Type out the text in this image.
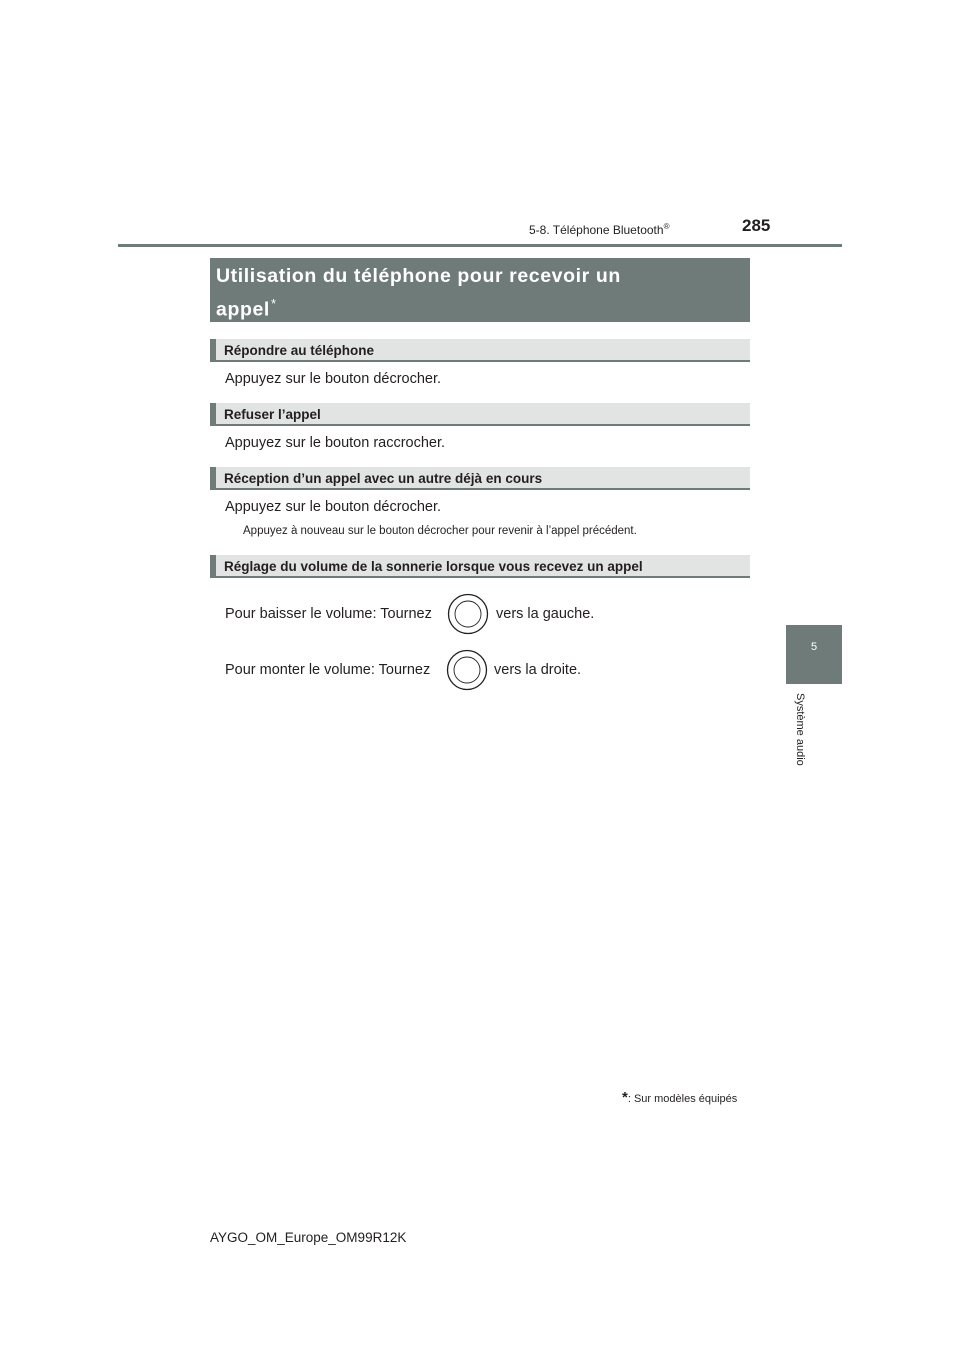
5-8. Téléphone Bluetooth®	285
5
Système audio
Utilisation du téléphone pour recevoir un
appel*
Répondre au téléphone
Appuyez sur le bouton décrocher.
Refuser l’appel
Appuyez sur le bouton raccrocher.
Réception d’un appel avec un autre déjà en cours
Appuyez sur le bouton décrocher.
Appuyez à nouveau sur le bouton décrocher pour revenir à l’appel précédent.
Réglage du volume de la sonnerie lorsque vous recevez un appel
Pour baisser le volume: Tournez	vers la gauche.
Pour monter le volume: Tournez	vers la droite.
*: Sur modèles équipés
AYGO_OM_Europe_OM99R12K
